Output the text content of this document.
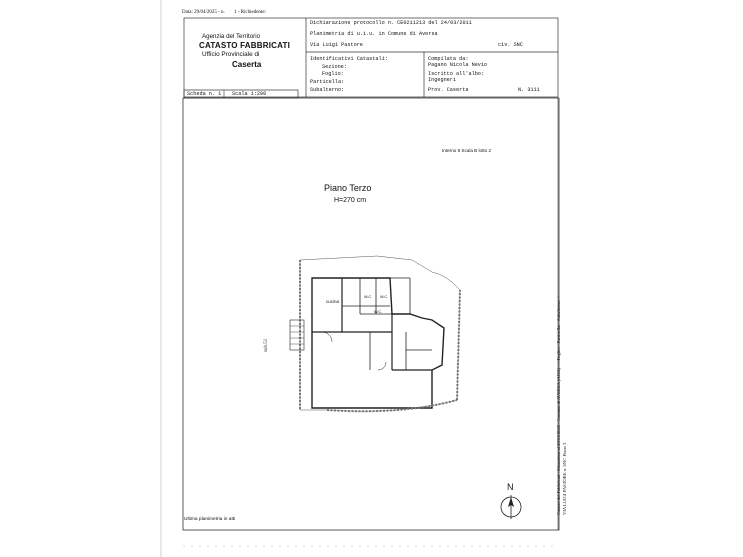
Data: 29/04/2025 - n. 1 - Richiedente:
Agenzia del Territorio
CATASTO FABBRICATI
Ufficio Provinciale di
Caserta
Dichiarazione protocollo n. CE0211213 del 24/03/2011
Planimetria di u.i.u. in Comune di Aversa
Via Luigi Pastore	civ. SNC
Identificativi Catastali:
Sezione:
Foglio:
Particella:
Subalterno:
Compilata da:
Pagano Nicola Nevio
Iscritto all'albo:
Ingegneri
Prov. Caserta	N. 3111
Scheda n. 1 Scala 1:200
Interno 5 Scala B lotto 2
Piano Terzo
H=270 cm
cucina
W.C. W.C.
W.C.
sub.51
N
Ultima planimetria in atti
Catasto dei Fabbricati - Situazione al 29/04/2025 - Comune di AVERSA (A512) - < Foglio: - Particella: - Subalterno: > VIA LUIGI PASTORE n. SNC Piano 3
